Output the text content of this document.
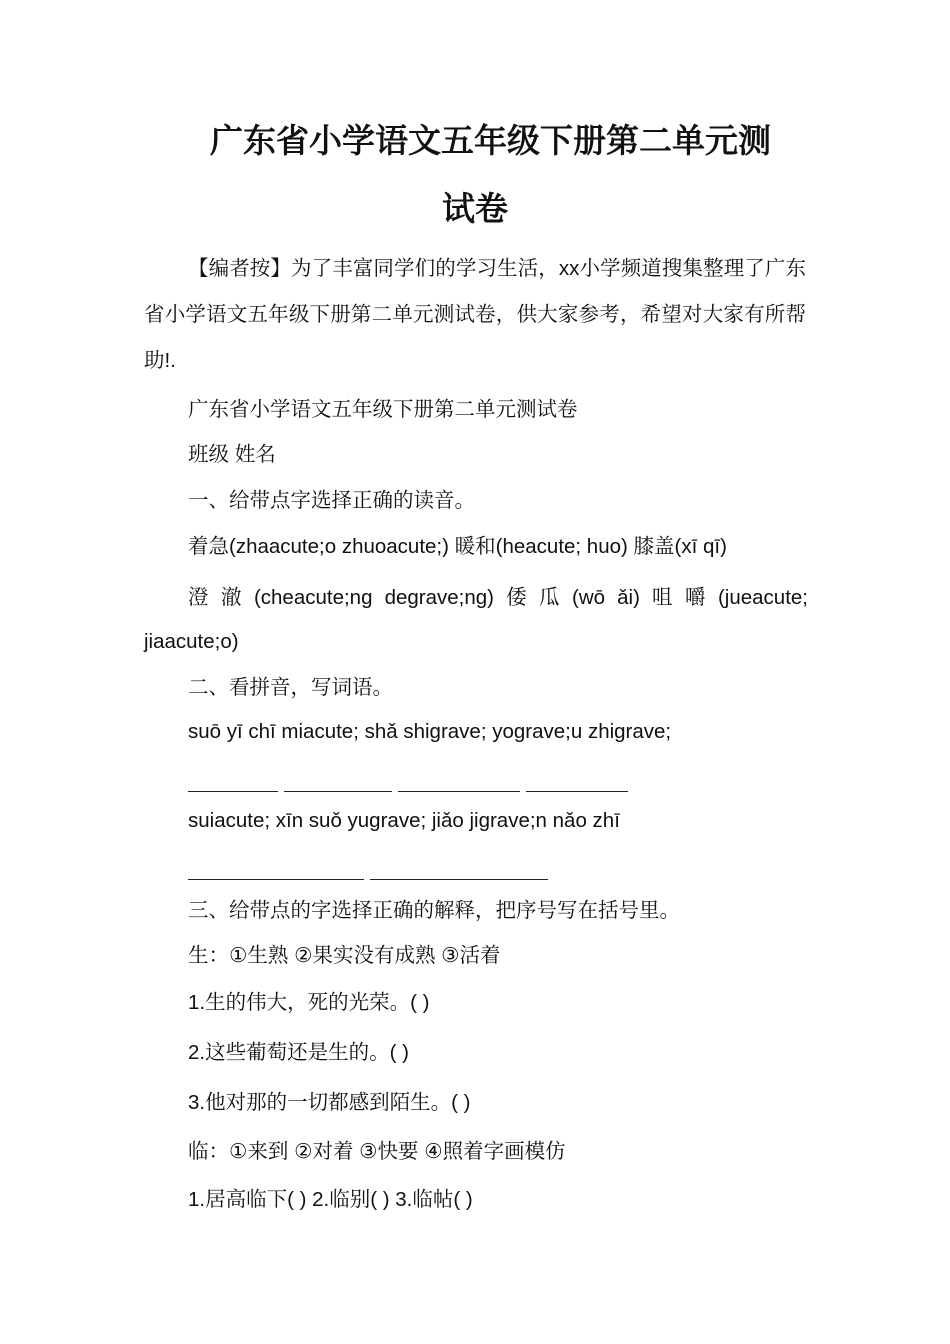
广东省小学语文五年级下册第二单元测
试卷
【编者按】为了丰富同学们的学习生活，xx小学频道搜集整理了广东省小学语文五年级下册第二单元测试卷，供大家参考，希望对大家有所帮助!.
广东省小学语文五年级下册第二单元测试卷
班级 姓名
一、给带点字选择正确的读音。
着急(zhaacute;o zhuoacute;) 暖和(heacute; huo) 膝盖(xī qī)
澄 澈 (cheacute;ng degrave;ng) 倭 瓜 (wō ǎi) 咀 嚼 (jueacute; jiaacute;o)
二、看拼音，写词语。
suō yī chī miacute; shǎ shigrave; yograve;u zhigrave;
suiacute; xīn suǒ yugrave; jiǎo jigrave;n nǎo zhī
三、给带点的字选择正确的解释，把序号写在括号里。
生：①生熟 ②果实没有成熟 ③活着
1.生的伟大，死的光荣。( )
2.这些葡萄还是生的。( )
3.他对那的一切都感到陌生。( )
临：①来到 ②对着 ③快要 ④照着字画模仿
1.居高临下( ) 2.临别( ) 3.临帖( )
